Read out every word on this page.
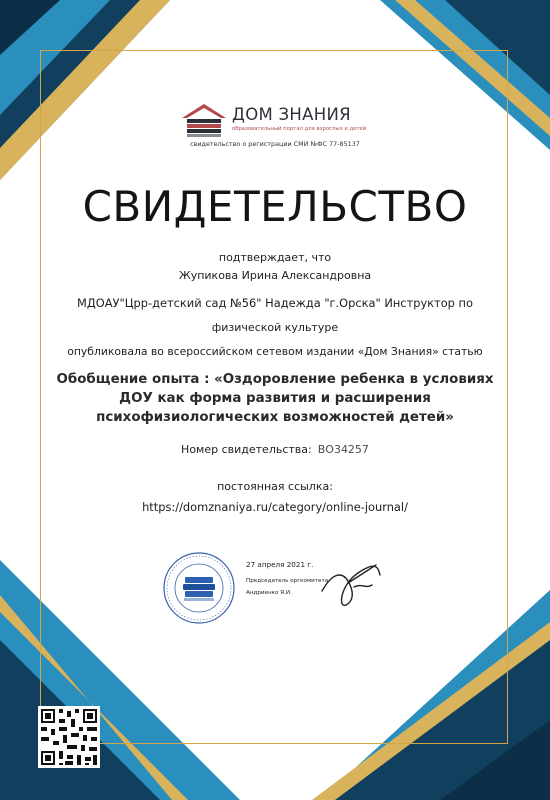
ДОМ ЗНАНИЯ
образовательный портал для взрослых и детей
свидетельство о регистрации СМИ №ФС 77-85137
СВИДЕТЕЛЬСТВО
подтверждает, что
Жупикова Ирина Александровна
МДОАУ"Црр-детский сад №56" Надежда "г.Орска" Инструктор по
физической культуре
опубликовала во всероссийском сетевом издании «Дом Знания» статью
Обобщение опыта : «Оздоровление ребенка в условиях
ДОУ как форма развития и расширения
психофизиологических возможностей детей»
Номер свидетельства: ВО34257
постоянная ссылка:
https://domznaniya.ru/category/online-journal/
27 апреля 2021 г.
Председатель оргкомитета
Андриенко Я.И.
